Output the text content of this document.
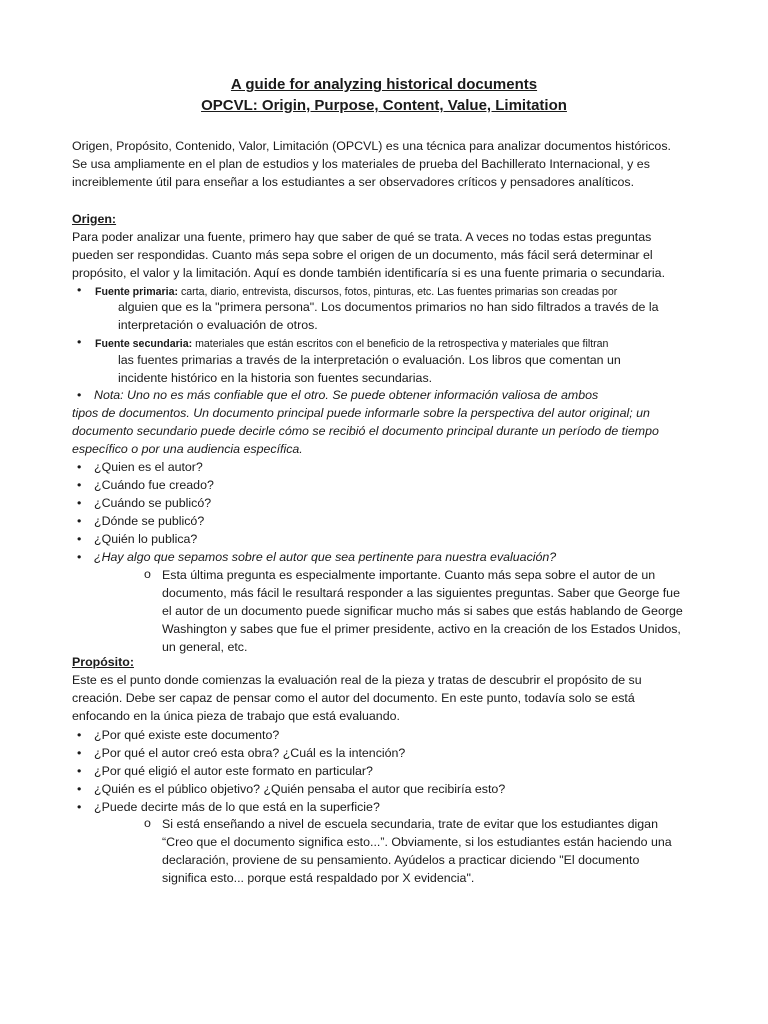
A guide for analyzing historical documents
OPCVL: Origin, Purpose, Content, Value, Limitation
Origen, Propósito, Contenido, Valor, Limitación (OPCVL) es una técnica para analizar documentos históricos.
Se usa ampliamente en el plan de estudios y los materiales de prueba del Bachillerato Internacional, y es
increiblemente útil para enseñar a los estudiantes a ser observadores críticos y pensadores analíticos.
Origen:
Para poder analizar una fuente, primero hay que saber de qué se trata. A veces no todas estas preguntas
pueden ser respondidas. Cuanto más sepa sobre el origen de un documento, más fácil será determinar el
propósito, el valor y la limitación. Aquí es donde también identificaría si es una fuente primaria o secundaria.
• Fuente primaria: carta, diario, entrevista, discursos, fotos, pinturas, etc. Las fuentes primarias son creadas por
alguien que es la "primera persona". Los documentos primarios no han sido filtrados a través de la
interpretación o evaluación de otros.
• Fuente secundaria: materiales que están escritos con el beneficio de la retrospectiva y materiales que filtran
las fuentes primarias a través de la interpretación o evaluación. Los libros que comentan un
incidente histórico en la historia son fuentes secundarias.
• Nota: Uno no es más confiable que el otro. Se puede obtener información valiosa de ambos
tipos de documentos. Un documento principal puede informarle sobre la perspectiva del autor original; un
documento secundario puede decirle cómo se recibió el documento principal durante un período de tiempo
específico o por una audiencia específica.
• ¿Quien es el autor?
• ¿Cuándo fue creado?
• ¿Cuándo se publicó?
• ¿Dónde se publicó?
• ¿Quién lo publica?
• ¿Hay algo que sepamos sobre el autor que sea pertinente para nuestra evaluación?
o Esta última pregunta es especialmente importante. Cuanto más sepa sobre el autor de un
documento, más fácil le resultará responder a las siguientes preguntas. Saber que George fue
el autor de un documento puede significar mucho más si sabes que estás hablando de George
Washington y sabes que fue el primer presidente, activo en la creación de los Estados Unidos,
un general, etc.
Propósito:
Este es el punto donde comienzas la evaluación real de la pieza y tratas de descubrir el propósito de su
creación. Debe ser capaz de pensar como el autor del documento. En este punto, todavía solo se está
enfocando en la única pieza de trabajo que está evaluando.
• ¿Por qué existe este documento?
• ¿Por qué el autor creó esta obra? ¿Cuál es la intención?
• ¿Por qué eligió el autor este formato en particular?
• ¿Quién es el público objetivo? ¿Quién pensaba el autor que recibiría esto?
• ¿Puede decirte más de lo que está en la superficie?
o Si está enseñando a nivel de escuela secundaria, trate de evitar que los estudiantes digan
“Creo que el documento significa esto...”. Obviamente, si los estudiantes están haciendo una
declaración, proviene de su pensamiento. Ayúdelos a practicar diciendo "El documento
significa esto... porque está respaldado por X evidencia".
